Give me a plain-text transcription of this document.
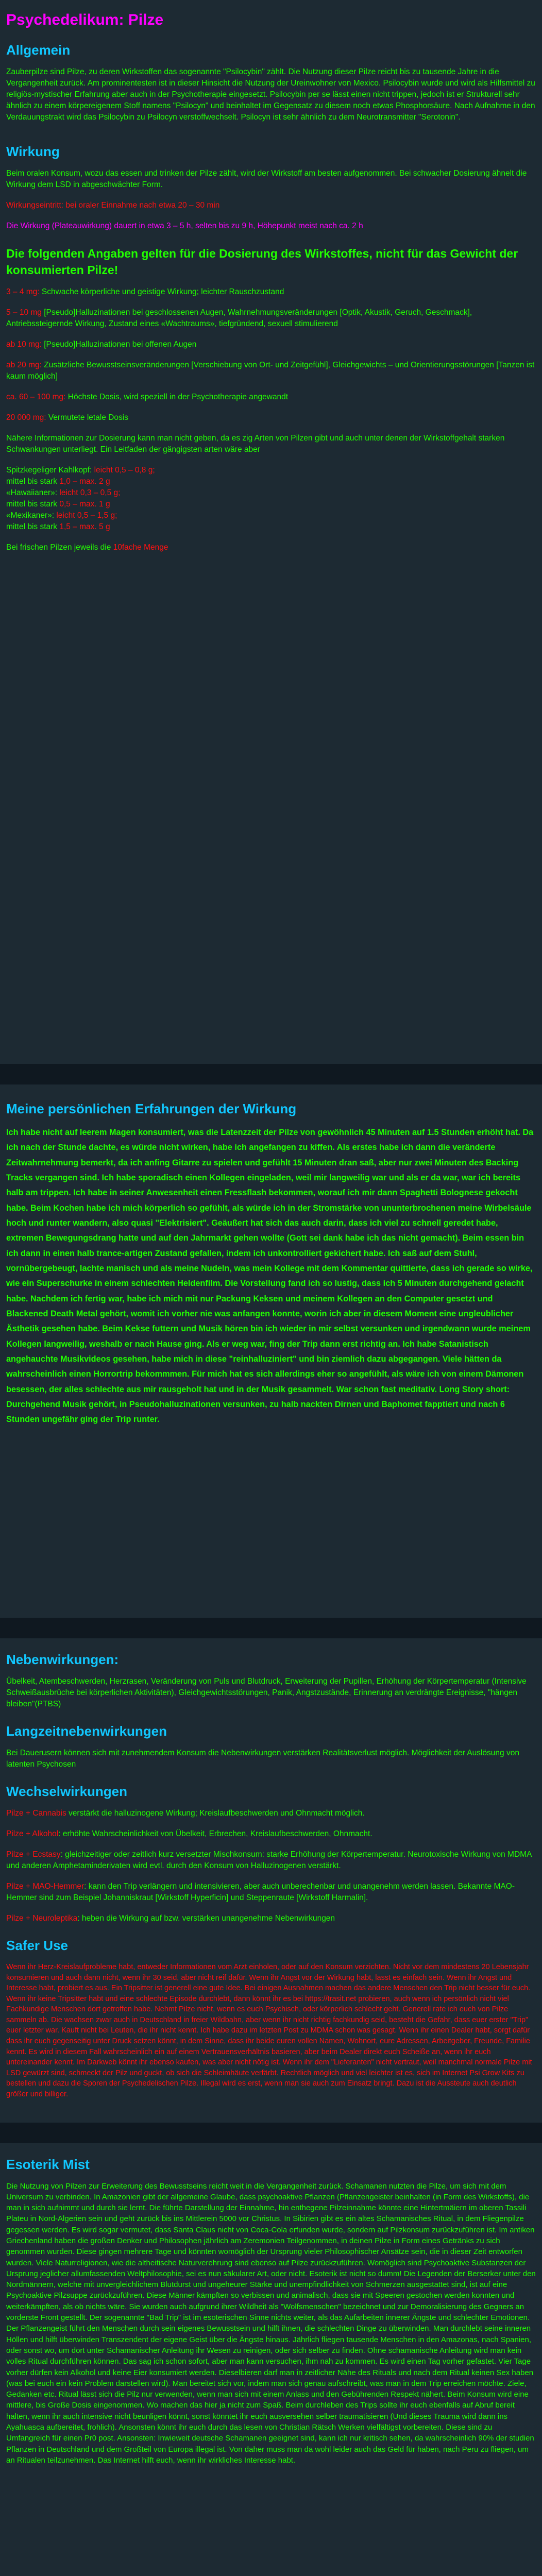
Psychedelikum: Pilze
Allgemein

Zauberpilze sind Pilze, zu deren Wirkstoffen das sogenannte "Psilocybin" zählt. Die Nutzung dieser Pilze reicht bis zu tausende Jahre in die Vergangenheit zurück. Am prominentesten ist in dieser Hinsicht die Nutzung der Ureinwohner von Mexico. Psilocybin wurde und wird als Hilfsmittel zu religiös-mystischer Erfahrung aber auch in der Psychotherapie eingesetzt. Psilocybin per se lässt einen nicht trippen, jedoch ist er Strukturell sehr ähnlich zu einem körpereigenem Stoff namens "Psilocyn" und beinhaltet im Gegensatz zu diesem noch etwas Phosphorsäure. Nach Aufnahme in den Verdauungstrakt wird das Psilocybin zu Psilocyn verstoffwechselt. Psilocyn ist sehr ähnlich zu dem Neurotransmitter "Serotonin".

Wirkung

Beim oralen Konsum, wozu das essen und trinken der Pilze zählt, wird der Wirkstoff am besten aufgenommen. Bei schwacher Dosierung ähnelt die Wirkung dem LSD in abgeschwächter Form.

Wirkungseintritt: bei oraler Einnahme nach etwa 20 – 30 min

Die Wirkung (Plateauwirkung) dauert in etwa 3 – 5 h, selten bis zu 9 h, Höhepunkt meist nach ca. 2 h

Die folgenden Angaben gelten für die Dosierung des Wirkstoffes, nicht für das Gewicht der konsumierten Pilze!

3 – 4 mg: Schwache körperliche und geistige Wirkung; leichter Rauschzustand

5 – 10 mg [Pseudo]Halluzinationen bei geschlossenen Augen, Wahrnehmungsveränderungen [Optik, Akustik, Geruch, Geschmack], Antriebssteigernde Wirkung, Zustand eines «Wachtraums», tiefgründend, sexuell stimulierend

ab 10 mg: [Pseudo]Halluzinationen bei offenen Augen

ab 20 mg: Zusätzliche Bewusstseinsveränderungen [Verschiebung von Ort- und Zeitgefühl], Gleichgewichts – und Orientierungsstörungen [Tanzen ist kaum möglich]

ca. 60 – 100 mg: Höchste Dosis, wird speziell in der Psychotherapie angewandt

20 000 mg: Vermutete letale Dosis

Nähere Informationen zur Dosierung kann man nicht geben, da es zig Arten von Pilzen gibt und auch unter denen der Wirkstoffgehalt starken Schwankungen unterliegt. Ein Leitfaden der gängigsten arten wäre aber

Spitzkegeliger Kahlkopf: leicht 0,5 – 0,8 g;
mittel bis stark 1,0 – max. 2 g
«Hawaiianer»: leicht 0,3 – 0,5 g;
mittel bis stark 0,5 – max. 1 g
«Mexikaner»: leicht 0,5 – 1,5 g;
mittel bis stark 1,5 – max. 5 g

Bei frischen Pilzen jeweils die 10fache Menge

Meine persönlichen Erfahrungen der Wirkung

Ich habe nicht auf leerem Magen konsumiert, was die Latenzzeit der Pilze von gewöhnlich 45 Minuten auf 1.5 Stunden erhöht hat. Da ich nach der Stunde dachte, es würde nicht wirken, habe ich angefangen zu kiffen. Als erstes habe ich dann die veränderte Zeitwahrnehmung bemerkt, da ich anfing Gitarre zu spielen und gefühlt 15 Minuten dran saß, aber nur zwei Minuten des Backing Tracks vergangen sind. Ich habe sporadisch einen Kollegen eingeladen, weil mir langweilig war und als er da war, war ich bereits halb am trippen. Ich habe in seiner Anwesenheit einen Fressflash bekommen, worauf ich mir dann Spaghetti Bolognese gekocht habe. Beim Kochen habe ich mich körperlich so gefühlt, als würde ich in der Stromstärke von ununterbrochenen meine Wirbelsäule hoch und runter wandern, also quasi "Elektrisiert". Geäußert hat sich das auch darin, dass ich viel zu schnell geredet habe, extremen Bewegungsdrang hatte und auf den Jahrmarkt gehen wollte (Gott sei dank habe ich das nicht gemacht). Beim essen bin ich dann in einen halb trance-artigen Zustand gefallen, indem ich unkontrolliert gekichert habe. Ich saß auf dem Stuhl, vornübergebeugt, lachte manisch und als meine Nudeln, was mein Kollege mit dem Kommentar quittierte, dass ich gerade so wirke, wie ein Superschurke in einem schlechten Heldenfilm. Die Vorstellung fand ich so lustig, dass ich 5 Minuten durchgehend gelacht habe. Nachdem ich fertig war, habe ich mich mit nur Packung Keksen und meinem Kollegen an den Computer gesetzt und Blackened Death Metal gehört, womit ich vorher nie was anfangen konnte, worin ich aber in diesem Moment eine ungleublicher Ästhetik gesehen habe. Beim Kekse futtern und Musik hören bin ich wieder in mir selbst versunken und irgendwann wurde meinem Kollegen langweilig, weshalb er nach Hause ging. Als er weg war, fing der Trip dann erst richtig an. Ich habe Satanistisch angehauchte Musikvideos gesehen, habe mich in diese "reinhalluziniert" und bin ziemlich dazu abgegangen. Viele hätten da wahrscheinlich einen Horrortrip bekommmen. Für mich hat es sich allerdings eher so angefühlt, als wäre ich von einem Dämonen besessen, der alles schlechte aus mir rausgeholt hat und in der Musik gesammelt. War schon fast meditativ. Long Story short: Durchgehend Musik gehört, in Pseudohalluzinationen versunken, zu halb nackten Dirnen und Baphomet fapptiert und nach 6 Stunden ungefähr ging der Trip runter.

Nebenwirkungen:

Übelkeit, Atembeschwerden, Herzrasen, Veränderung von Puls und Blutdruck, Erweiterung der Pupillen, Erhöhung der Körpertemperatur (Intensive Schweißausbrüche bei körperlichen Aktivitäten), Gleichgewichtsstörungen, Panik, Angstzustände, Erinnerung an verdrängte Ereignisse, "hängen bleiben"(PTBS)

Langzeitnebenwirkungen

Bei Dauerusern können sich mit zunehmendem Konsum die Nebenwirkungen verstärken Realitätsverlust möglich. Möglichkeit der Auslösung von latenten Psychosen

Wechselwirkungen

Pilze + Cannabis verstärkt die halluzinogene Wirkung; Kreislaufbeschwerden und Ohnmacht möglich.

Pilze + Alkohol: erhöhte Wahrscheinlichkeit von Übelkeit, Erbrechen, Kreislaufbeschwerden, Ohnmacht.

Pilze + Ecstasy: gleichzeitiger oder zeitlich kurz versetzter Mischkonsum: starke Erhöhung der Körpertemperatur. Neurotoxische Wirkung von MDMA und anderen Amphetaminderivaten wird evtl. durch den Konsum von Halluzinogenen verstärkt.

Pilze + MAO-Hemmer: kann den Trip verlängern und intensivieren, aber auch unberechenbar und unangenehm werden lassen. Bekannte MAO-Hemmer sind zum Beispiel Johanniskraut [Wirkstoff Hyperficin] und Steppenraute [Wirkstoff Harmalin].

Pilze + Neuroleptika: heben die Wirkung auf bzw. verstärken unangenehme Nebenwirkungen

Safer Use

Wenn ihr Herz-Kreislaufprobleme habt, entweder Informationen vom Arzt einholen, oder auf den Konsum verzichten. Nicht vor dem mindestens 20 Lebensjahr konsumieren und auch dann nicht, wenn ihr 30 seid, aber nicht reif dafür. Wenn ihr Angst vor der Wirkung habt, lasst es einfach sein. Wenn ihr Angst und Interesse habt, probiert es aus. Ein Tripsitter ist generell eine gute Idee. Bei einigen Ausnahmen machen das andere Menschen den Trip nicht besser für euch. Wenn ihr keine Tripsitter habt und eine schlechte Episode durchlebt, dann könnt ihr es bei https://trasit.net probieren, auch wenn ich persönlich nicht viel Fachkundige Menschen dort getroffen habe. Nehmt Pilze nicht, wenn es euch Psychisch, oder körperlich schlecht geht. Generell rate ich euch von Pilze sammeln ab. Die wachsen zwar auch in Deutschland in freier Wildbahn, aber wenn ihr nicht richtig fachkundig seid, besteht die Gefahr, dass euer erster "Trip" euer letzter war. Kauft nicht bei Leuten, die ihr nicht kennt. Ich habe dazu im letzten Post zu MDMA schon was gesagt. Wenn ihr einen Dealer habt, sorgt dafür dass ihr euch gegenseitig unter Druck setzen könnt, in dem Sinne, dass ihr beide euren vollen Namen, Wohnort, eure Adressen, Arbeitgeber, Freunde, Familie kennt. Es wird in diesem Fall wahrscheinlich ein auf einem Vertrauensverhältnis basieren, aber beim Dealer direkt euch Scheiße an, wenn ihr euch untereinander kennt. Im Darkweb könnt ihr ebenso kaufen, was aber nicht nötig ist. Wenn ihr dem "Lieferanten" nicht vertraut, weil manchmal normale Pilze mit LSD gewürzt sind, schmeckt der Pilz und guckt, ob sich die Schleimhäute verfärbt. Rechtlich möglich und viel leichter ist es, sich im Internet Psi Grow Kits zu bestellen und dazu die Sporen der Psychedelischen Pilze. Illegal wird es erst, wenn man sie auch zum Einsatz bringt. Dazu ist die Aussteute auch deutlich größer und billiger.

Esoterik Mist

Die Nutzung von Pilzen zur Erweiterung des Bewusstseins reicht weit in die Vergangenheit zurück. Schamanen nutzten die Pilze, um sich mit dem Universum zu verbinden. In Amazonien gibt der allgemeine Glaube, dass psychoaktive Pflanzen (Pflanzengeister beinhalten (in Form des Wirkstoffs), die man in sich aufnimmt und durch sie lernt. Die führte Darstellung der Einnahme, hin enthegene Pilzeinnahme könnte eine Hintertmäiern im oberen Tassili Plateu in Nord-Algerien sein und geht zurück bis ins Mittlerein 5000 vor Christus. In Sibirien gibt es ein altes Schamanisches Ritual, in dem Fliegenpilze gegessen werden. Es wird sogar vermutet, dass Santa Claus nicht von Coca-Cola erfunden wurde, sondern auf Pilzkonsum zurückzuführen ist. Im antiken Griechenland haben die großen Denker und Philosophen jährlich am Zeremonien Teilgenommen, in deinen Pilze in Form eines Getränks zu sich genommen wurden. Diese gingen mehrere Tage und könnten womöglich der Ursprung vieler Philosophischer Ansätze sein, die in dieser Zeit entworfen wurden. Viele Naturreligionen, wie die altheitische Naturverehrung sind ebenso auf Pilze zurückzuführen. Womöglich sind Psychoaktive Substanzen der Ursprung jeglicher allumfassenden Weltphilosophie, sei es nun säkularer Art, oder nicht. Esoterik ist nicht so dumm! Die Legenden der Berserker unter den Nordmännern, welche mit unvergleichlichem Blutdurst und ungeheurer Stärke und unempfindlichkeit von Schmerzen ausgestattet sind, ist auf eine Psychoaktive Pilzsuppe zurückzuführen. Diese Männer kämpften so verbissen und animalisch, dass sie mit Speeren gestochen werden konnten und weiterkämpften, als ob nichts wäre. Sie wurden auch aufgrund ihrer Wildheit als "Wolfsmenschen" bezeichnet und zur Demoralisierung des Gegners an vorderste Front gestellt. Der sogenannte "Bad Trip" ist im esoterischen Sinne nichts weiter, als das Aufarbeiten innerer Ängste und schlechter Emotionen. Der Pflanzengeist führt den Menschen durch sein eigenes Bewusstsein und hilft ihnen, die schlechten Dinge zu überwinden. Man durchlebt seine inneren Höllen und hilft überwinden Transzendent der eigene Geist über die Ängste hinaus. Jährlich fliegen tausende Menschen in den Amazonas, nach Spanien, oder sonst wo, um dort unter Schamanischer Anleitung ihr Wesen zu reinigen, oder sich selber zu finden. Ohne schamanische Anleitung wird man kein volles Ritual durchführen können. Das sag ich schon sofort, aber man kann versuchen, ihm nah zu kommen. Es wird einen Tag vorher gefastet. Vier Tage vorher dürfen kein Alkohol und keine Eier konsumiert werden. Dieselbieren darf man in zeitlicher Nähe des Rituals und nach dem Ritual keinen Sex haben (was bei euch ein kein Problem darstellen wird). Man bereitet sich vor, indem man sich genau aufschreibt, was man in dem Trip erreichen möchte. Ziele, Gedanken etc. Ritual lässt sich die Pilz nur verwenden, wenn man sich mit einem Anlass und den Gebührenden Respekt nähert. Beim Konsum wird eine mittlere, bis Große Dosis eingenommen. Wo machen das hier ja nicht zum Spaß. Beim durchleben des Trips sollte ihr euch ebenfalls auf Abruf bereit halten, wenn ihr auch intensive nicht beunligen könnt, sonst könntet ihr euch ausversehen selber traumatisieren (Und dieses Trauma wird dann ins Ayahuasca aufbereitet, frohlich). Ansonsten könnt ihr euch durch das lesen von Christian Rätsch Werken vielfältigst vorbereiten. Diese sind zu Umfangreich für einen Pr0 post. Ansonsten: Inwieweit deutsche Schamanen geeignet sind, kann ich nur kritisch sehen, da wahrscheinlich 90% der studien Pflanzen in Deutschland und dem Großteil von Europa illegal ist. Von daher muss man da wohl leider auch das Geld für haben, nach Peru zu fliegen, um an Ritualen teilzunehmen. Das Internet hilft euch, wenn ihr wirkliches Interesse habt.
